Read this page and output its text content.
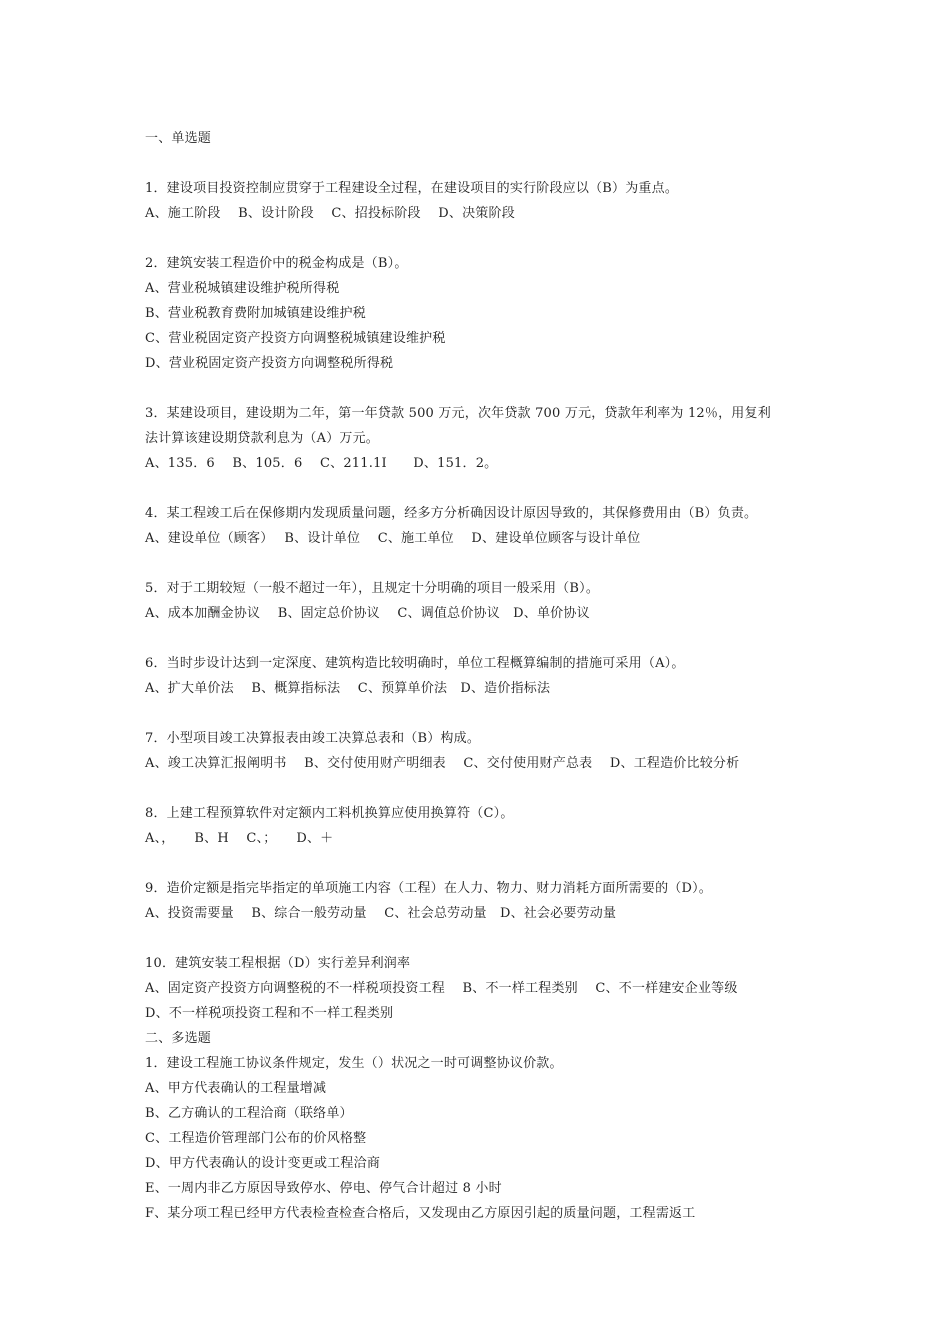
一、单选题
1．建设项目投资控制应贯穿于工程建设全过程，在建设项目的实行阶段应以（B）为重点。
A、施工阶段　 B、设计阶段　 C、招投标阶段　 D、决策阶段
2．建筑安装工程造价中的税金构成是（B）。
A、营业税城镇建设维护税所得税
B、营业税教育费附加城镇建设维护税
C、营业税固定资产投资方向调整税城镇建设维护税
D、营业税固定资产投资方向调整税所得税
3．某建设项目，建设期为二年，第一年贷款 500 万元，次年贷款 700 万元，贷款年利率为 12％，用复利
法计算该建设期贷款利息为（A）万元。
A、135．6　 B、105．6　 C、211.1I　　D、151．2。
4．某工程竣工后在保修期内发现质量问题，经多方分析确因设计原因导致的，其保修费用由（B）负责。
A、建设单位（顾客）　 B、设计单位　 C、施工单位　 D、建设单位顾客与设计单位
5．对于工期较短（一般不超过一年），且规定十分明确的项目一般采用（B）。
A、成本加酬金协议　 B、固定总价协议　 C、调值总价协议　D、单价协议
6．当时步设计达到一定深度、建筑构造比较明确时，单位工程概算编制的措施可采用（A）。
A、扩大单价法　 B、概算指标法　 C、预算单价法　D、造价指标法
7．小型项目竣工决算报表由竣工决算总表和（B）构成。
A、竣工决算汇报阐明书　 B、交付使用财产明细表　 C、交付使用财产总表　 D、工程造价比较分析
8．上建工程预算软件对定额内工料机换算应使用换算符（C）。
A、，　　B、H　 C、；　　D、＋
9．造价定额是指完毕指定的单项施工内容（工程）在人力、物力、财力消耗方面所需要的（D）。
A、投资需要量　 B、综合一般劳动量　 C、社会总劳动量　D、社会必要劳动量
10．建筑安装工程根据（D）实行差异利润率
A、固定资产投资方向调整税的不一样税项投资工程　 B、不一样工程类别　 C、不一样建安企业等级
D、不一样税项投资工程和不一样工程类别
二、多选题
1．建设工程施工协议条件规定，发生（）状况之一时可调整协议价款。
A、甲方代表确认的工程量增减
B、乙方确认的工程洽商（联络单）
C、工程造价管理部门公布的价风格整
D、甲方代表确认的设计变更或工程洽商
E、一周内非乙方原因导致停水、停电、停气合计超过 8 小时
F、某分项工程已经甲方代表检查检查合格后，又发现由乙方原因引起的质量问题，工程需返工
